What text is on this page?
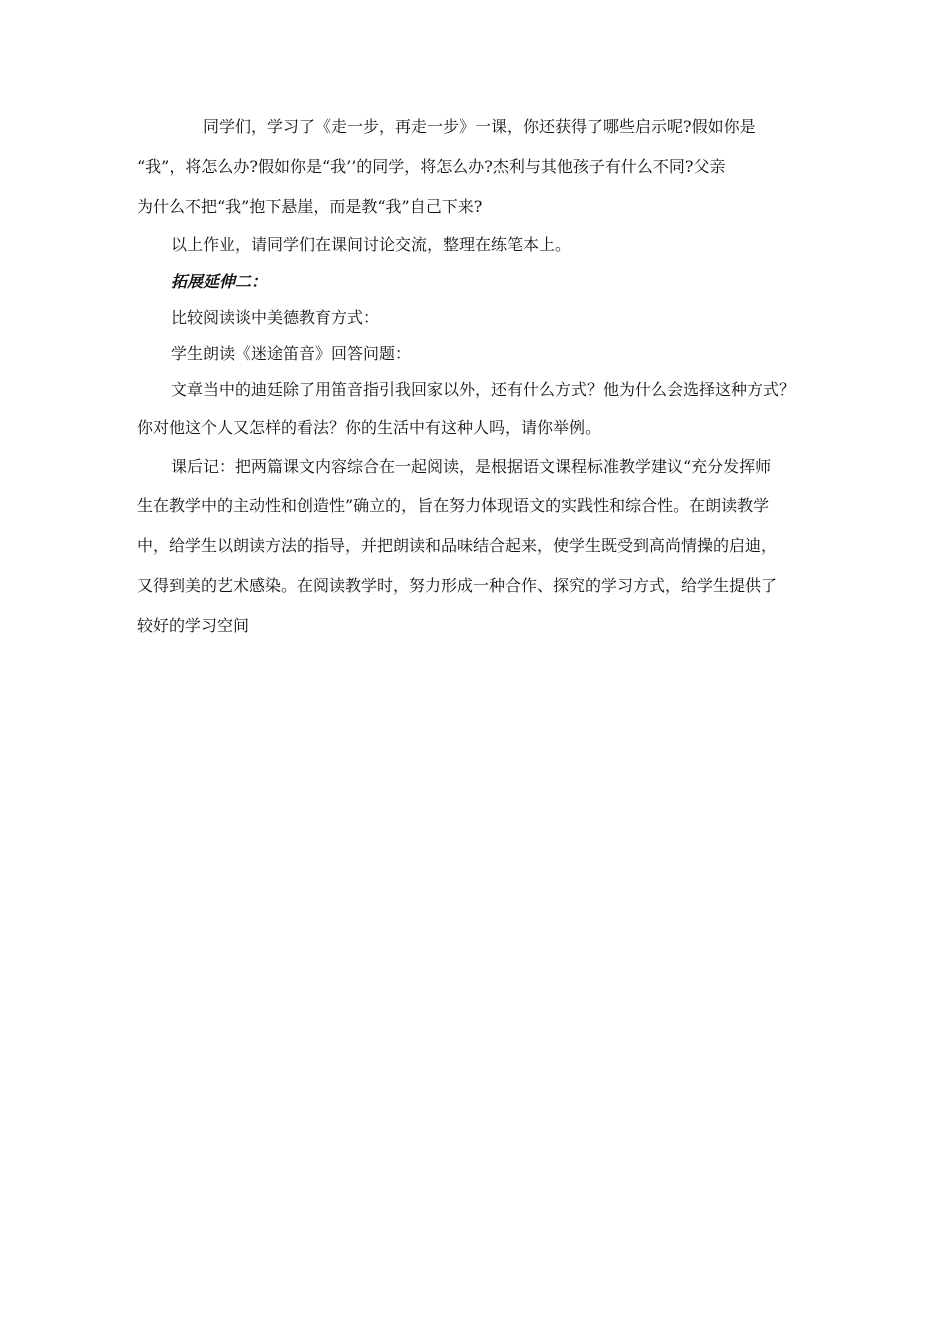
同学们，学习了《走一步，再走一步》一课，你还获得了哪些启示呢?假如你是
“我”，将怎么办?假如你是“我’’的同学，将怎么办?杰利与其他孩子有什么不同?父亲
为什么不把“我”抱下悬崖，而是教“我”自己下来?
以上作业，请同学们在课间讨论交流，整理在练笔本上。
拓展延伸二：
比较阅读谈中美德教育方式：
学生朗读《迷途笛音》回答问题：
文章当中的迪廷除了用笛音指引我回家以外，还有什么方式？他为什么会选择这种方式？
你对他这个人又怎样的看法？你的生活中有这种人吗，请你举例。
课后记：把两篇课文内容综合在一起阅读，是根据语文课程标准教学建议“充分发挥师
生在教学中的主动性和创造性”确立的，旨在努力体现语文的实践性和综合性。在朗读教学
中，给学生以朗读方法的指导，并把朗读和品味结合起来，使学生既受到高尚情操的启迪，
又得到美的艺术感染。在阅读教学时，努力形成一种合作、探究的学习方式，给学生提供了
较好的学习空间
